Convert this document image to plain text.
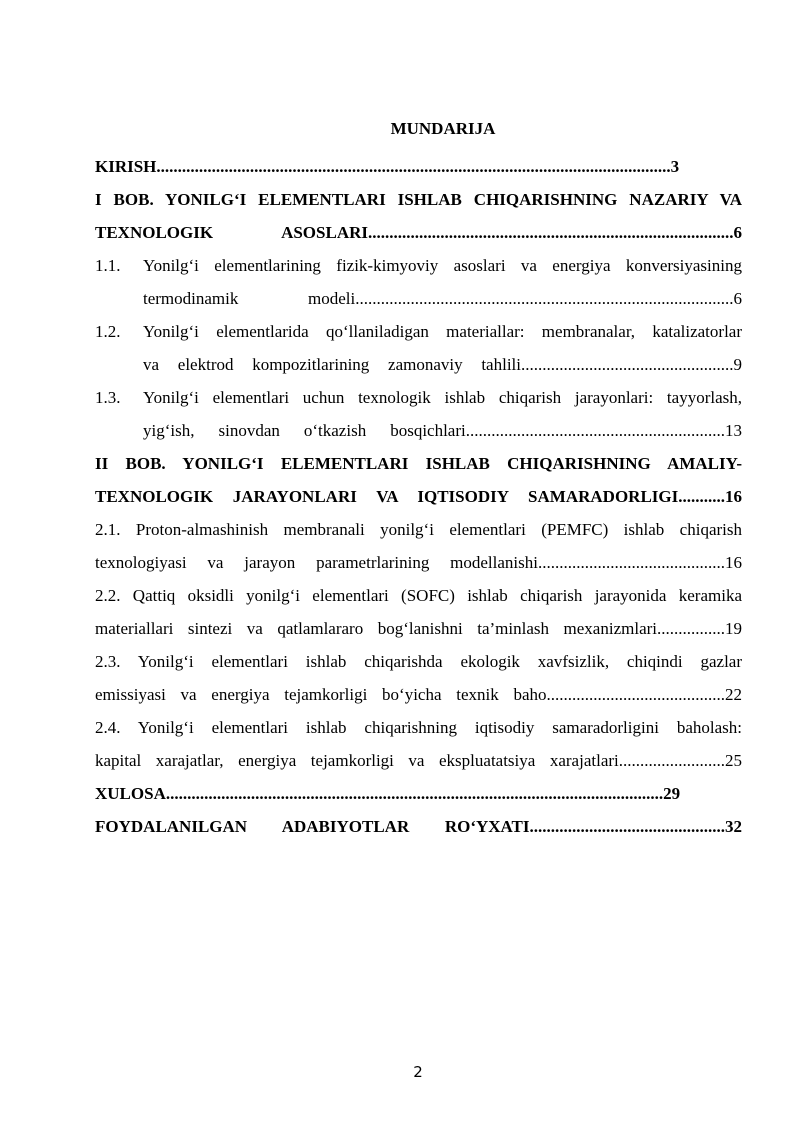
MUNDARIJA
KIRISH.........................................................................................................................3
I BOB. YONILG‘I ELEMENTLARI ISHLAB CHIQARISHNING NAZARIY VA
TEXNOLOGIK ASOSLARI......................................................................................6
1.1.	Yonilg‘i elementlarining fizik-kimyoviy asoslari va energiya konversiyasining
termodinamik modeli.........................................................................................6
1.2.	Yonilg‘i elementlarida qo‘llaniladigan materiallar: membranalar, katalizatorlar
va elektrod kompozitlarining zamonaviy tahlili..................................................9
1.3.	Yonilg‘i elementlari uchun texnologik ishlab chiqarish jarayonlari: tayyorlash,
yig‘ish, sinovdan o‘tkazish bosqichlari.............................................................13
II BOB. YONILG‘I ELEMENTLARI ISHLAB CHIQARISHNING AMALIY-
TEXNOLOGIK JARAYONLARI VA IQTISODIY SAMARADORLIGI...........16
2.1. Proton-almashinish membranali yonilg‘i elementlari (PEMFC) ishlab chiqarish
texnologiyasi va jarayon parametrlarining modellanishi............................................16
2.2. Qattiq oksidli yonilg‘i elementlari (SOFC) ishlab chiqarish jarayonida keramika
materiallari sintezi va qatlamlararo bog‘lanishni ta’minlash mexanizmlari................19
2.3. Yonilg‘i elementlari ishlab chiqarishda ekologik xavfsizlik, chiqindi gazlar
emissiyasi va energiya tejamkorligi bo‘yicha texnik baho..........................................22
2.4. Yonilg‘i elementlari ishlab chiqarishning iqtisodiy samaradorligini baholash:
kapital xarajatlar, energiya tejamkorligi va ekspluatatsiya xarajatlari.........................25
XULOSA.....................................................................................................................29
FOYDALANILGAN ADABIYOTLAR RO‘YXATI..............................................32
2
